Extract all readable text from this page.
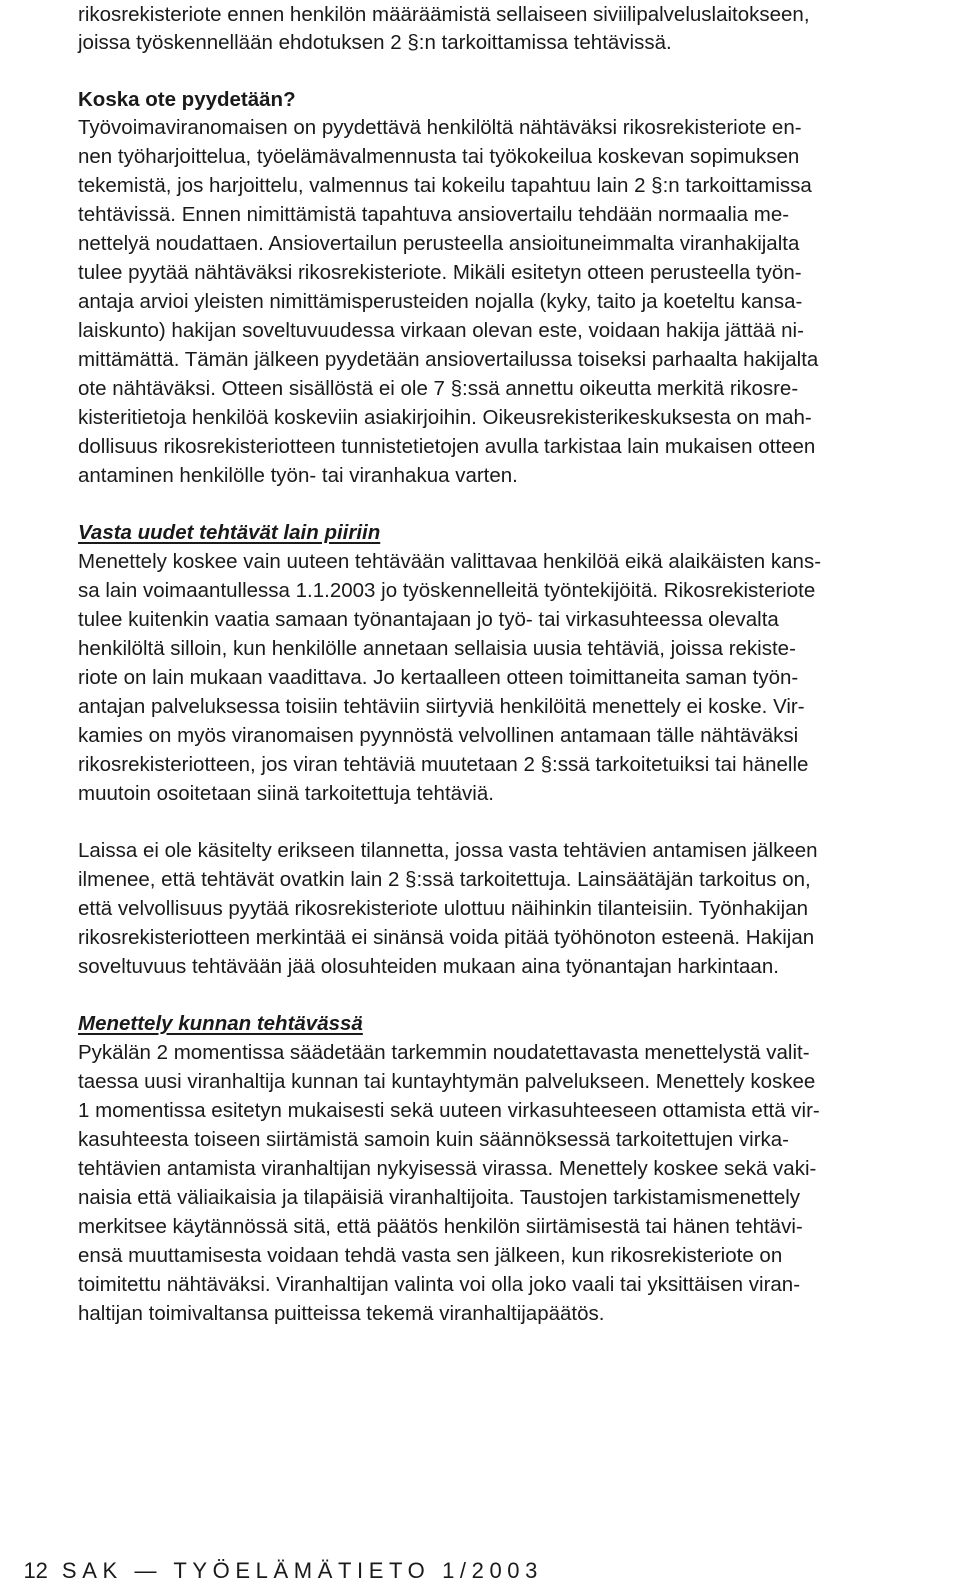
rikosrekisteriote ennen henkilön määräämistä sellaiseen siviilipalveluslaitokseen,
joissa työskennellään ehdotuksen 2 §:n tarkoittamissa tehtävissä.
Koska ote pyydetään?
Työvoimaviranomaisen on pyydettävä henkilöltä nähtäväksi rikosrekisteriote en-
nen työharjoittelua, työelämävalmennusta tai työkokeilua koskevan sopimuksen
tekemistä, jos harjoittelu, valmennus tai kokeilu tapahtuu lain 2 §:n tarkoittamissa
tehtävissä. Ennen nimittämistä tapahtuva ansiovertailu tehdään normaalia me-
nettelyä noudattaen. Ansiovertailun perusteella ansioituneimmalta viranhakijalta
tulee pyytää nähtäväksi rikosrekisteriote. Mikäli esitetyn otteen perusteella työn-
antaja arvioi yleisten nimittämisperusteiden nojalla (kyky, taito ja koeteltu kansa-
laiskunto) hakijan soveltuvuudessa virkaan olevan este, voidaan hakija jättää ni-
mittämättä. Tämän jälkeen pyydetään ansiovertailussa toiseksi parhaalta hakijalta
ote nähtäväksi. Otteen sisällöstä ei ole 7 §:ssä annettu oikeutta merkitä rikosre-
kisteritietoja henkilöä koskeviin asiakirjoihin. Oikeusrekisterikeskuksesta on mah-
dollisuus rikosrekisteriotteen tunnistetietojen avulla tarkistaa lain mukaisen otteen
antaminen henkilölle työn- tai viranhakua varten.
Vasta uudet tehtävät lain piiriin
Menettely koskee vain uuteen tehtävään valittavaa henkilöä eikä alaikäisten kans-
sa lain voimaantullessa 1.1.2003 jo työskennelleitä työntekijöitä. Rikosrekisteriote
tulee kuitenkin vaatia samaan työnantajaan jo työ- tai virkasuhteessa olevalta
henkilöltä silloin, kun henkilölle annetaan sellaisia uusia tehtäviä, joissa rekiste-
riote on lain mukaan vaadittava. Jo kertaalleen otteen toimittaneita saman työn-
antajan palveluksessa toisiin tehtäviin siirtyviä henkilöitä menettely ei koske. Vir-
kamies on myös viranomaisen pyynnöstä velvollinen antamaan tälle nähtäväksi
rikosrekisteriotteen, jos viran tehtäviä muutetaan 2 §:ssä tarkoitetuiksi tai hänelle
muutoin osoitetaan siinä tarkoitettuja tehtäviä.
Laissa ei ole käsitelty erikseen tilannetta, jossa vasta tehtävien antamisen jälkeen
ilmenee, että tehtävät ovatkin lain 2 §:ssä tarkoitettuja. Lainsäätäjän tarkoitus on,
että velvollisuus pyytää rikosrekisteriote ulottuu näihinkin tilanteisiin. Työnhakijan
rikosrekisteriotteen merkintää ei sinänsä voida pitää työhönoton esteenä. Hakijan
soveltuvuus tehtävään jää olosuhteiden mukaan aina työnantajan harkintaan.
Menettely kunnan tehtävässä
Pykälän 2 momentissa säädetään tarkemmin noudatettavasta menettelystä valit-
taessa uusi viranhaltija kunnan tai kuntayhtymän palvelukseen. Menettely koskee
1 momentissa esitetyn mukaisesti sekä uuteen virkasuhteeseen ottamista että vir-
kasuhteesta toiseen siirtämistä samoin kuin säännöksessä tarkoitettujen virka-
tehtävien antamista viranhaltijan nykyisessä virassa. Menettely koskee sekä vaki-
naisia että väliaikaisia ja tilapäisiä viranhaltijoita. Taustojen tarkistamismenettely
merkitsee käytännössä sitä, että päätös henkilön siirtämisestä tai hänen tehtävi-
ensä muuttamisesta voidaan tehdä vasta sen jälkeen, kun rikosrekisteriote on
toimitettu nähtäväksi. Viranhaltijan valinta voi olla joko vaali tai yksittäisen viran-
haltijan toimivaltansa puitteissa tekemä viranhaltijapäätös.

12 SAK — TYÖELÄMÄTIETO 1/2003
